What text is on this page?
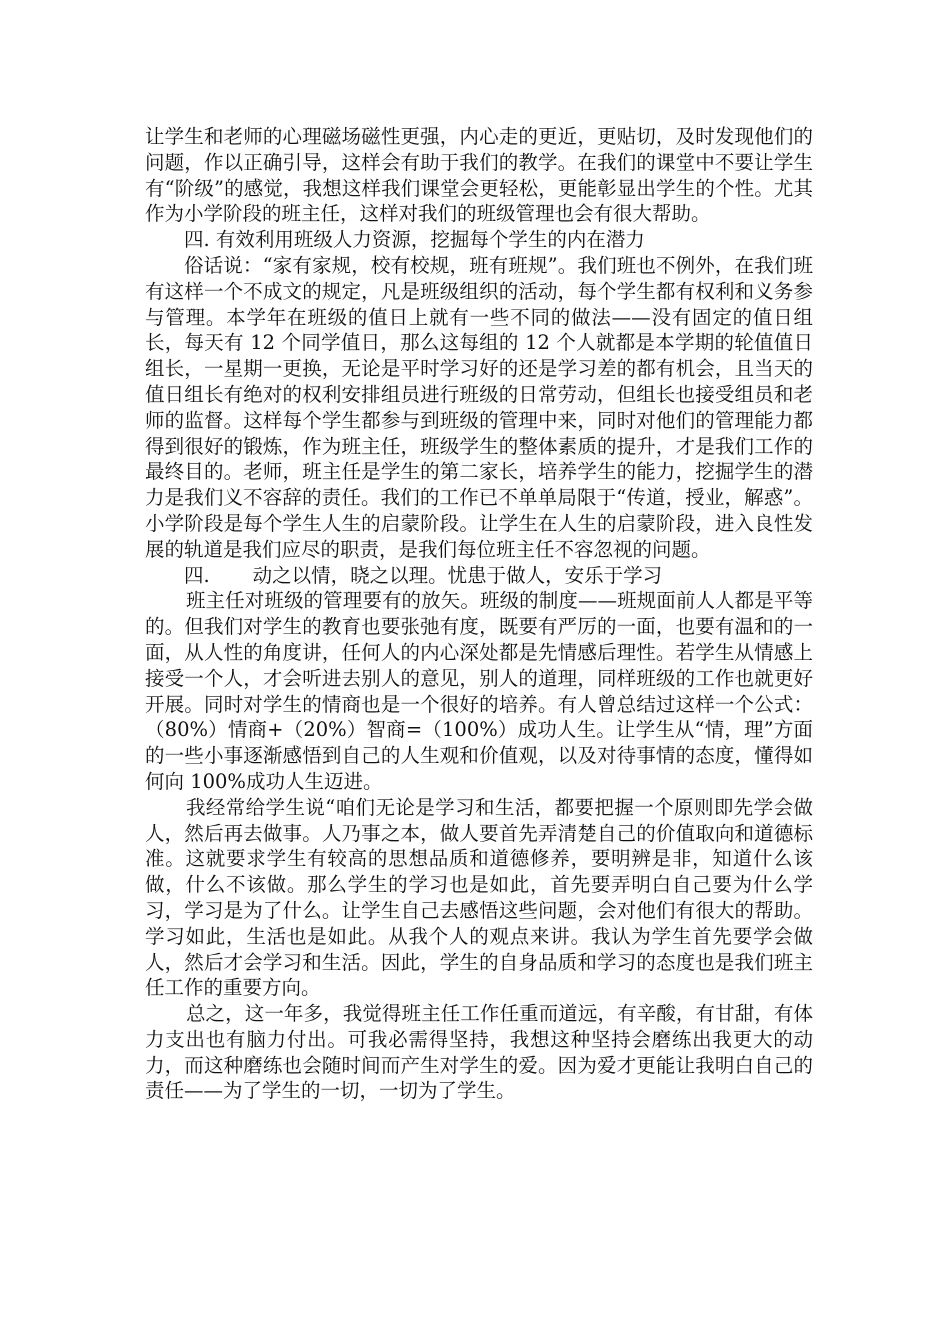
让学生和老师的心理磁场磁性更强，内心走的更近，更贴切，及时发现他们的问题，作以正确引导，这样会有助于我们的教学。在我们的课堂中不要让学生有“阶级”的感觉，我想这样我们课堂会更轻松，更能彰显出学生的个性。尤其作为小学阶段的班主任，这样对我们的班级管理也会有很大帮助。

四. 有效利用班级人力资源，挖掘每个学生的内在潜力

俗话说：“家有家规，校有校规，班有班规”。我们班也不例外，在我们班有这样一个不成文的规定，凡是班级组织的活动，每个学生都有权利和义务参与管理。本学年在班级的值日上就有一些不同的做法——没有固定的值日组长，每天有 12 个同学值日，那么这每组的 12 个人就都是本学期的轮值值日组长，一星期一更换，无论是平时学习好的还是学习差的都有机会，且当天的值日组长有绝对的权利安排组员进行班级的日常劳动，但组长也接受组员和老师的监督。这样每个学生都参与到班级的管理中来，同时对他们的管理能力都得到很好的锻炼，作为班主任，班级学生的整体素质的提升，才是我们工作的最终目的。老师，班主任是学生的第二家长，培养学生的能力，挖掘学生的潜力是我们义不容辞的责任。我们的工作已不单单局限于“传道，授业，解惑”。小学阶段是每个学生人生的启蒙阶段。让学生在人生的启蒙阶段，进入良性发展的轨道是我们应尽的职责，是我们每位班主任不容忽视的问题。

四. 动之以情，晓之以理。忧患于做人，安乐于学习

班主任对班级的管理要有的放矢。班级的制度——班规面前人人都是平等的。但我们对学生的教育也要张弛有度，既要有严厉的一面，也要有温和的一面，从人性的角度讲，任何人的内心深处都是先情感后理性。若学生从情感上接受一个人，才会听进去别人的意见，别人的道理，同样班级的工作也就更好开展。同时对学生的情商也是一个很好的培养。有人曾总结过这样一个公式：（80%）情商+（20%）智商=（100%）成功人生。让学生从“情，理”方面的一些小事逐渐感悟到自己的人生观和价值观，以及对待事情的态度，懂得如何向 100%成功人生迈进。

我经常给学生说“咱们无论是学习和生活，都要把握一个原则即先学会做人，然后再去做事。人乃事之本，做人要首先弄清楚自己的价值取向和道德标准。这就要求学生有较高的思想品质和道德修养，要明辨是非，知道什么该做，什么不该做。那么学生的学习也是如此，首先要弄明白自己要为什么学习，学习是为了什么。让学生自己去感悟这些问题，会对他们有很大的帮助。学习如此，生活也是如此。从我个人的观点来讲。我认为学生首先要学会做人，然后才会学习和生活。因此，学生的自身品质和学习的态度也是我们班主任工作的重要方向。

总之，这一年多，我觉得班主任工作任重而道远，有辛酸，有甘甜，有体力支出也有脑力付出。可我必需得坚持，我想这种坚持会磨练出我更大的动力，而这种磨练也会随时间而产生对学生的爱。因为爱才更能让我明白自己的责任——为了学生的一切，一切为了学生。
